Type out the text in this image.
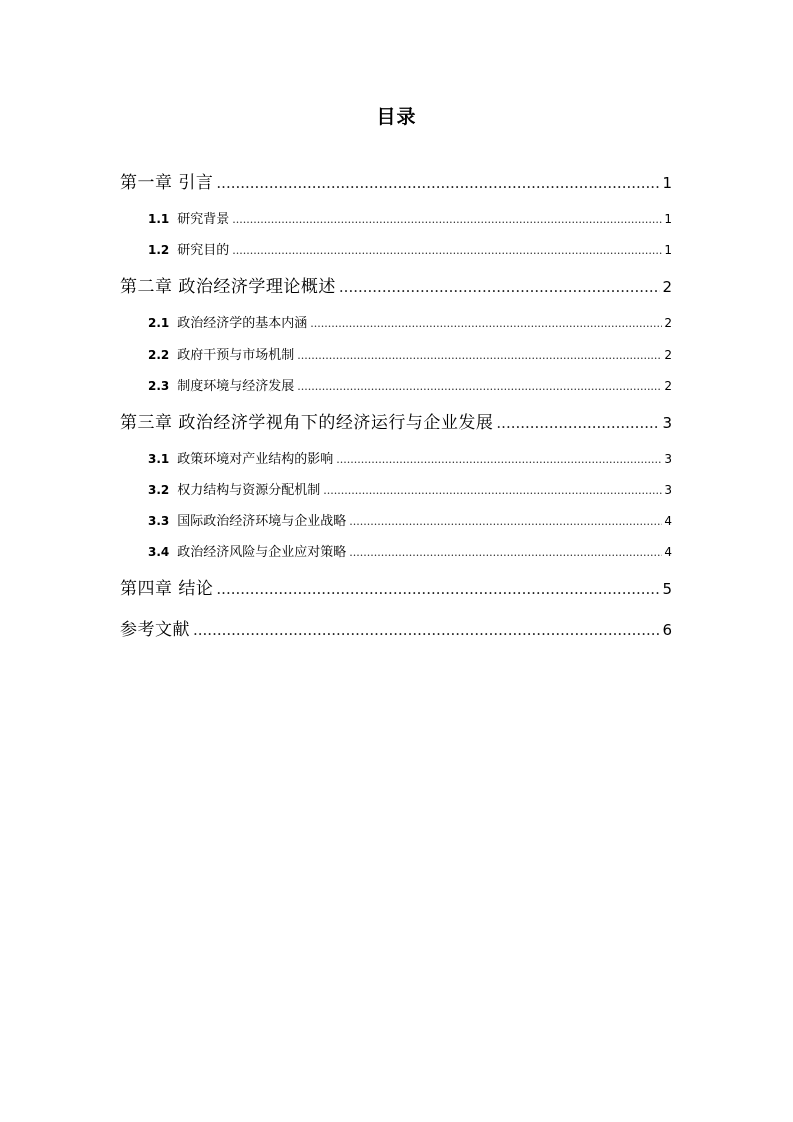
目录
第一章 引言 .....	1
1.1 研究背景 .....	1
1.2 研究目的 .....	1
第二章 政治经济学理论概述 .....	2
2.1 政治经济学的基本内涵 .....	2
2.2 政府干预与市场机制 .....	2
2.3 制度环境与经济发展 .....	2
第三章 政治经济学视角下的经济运行与企业发展 .....	3
3.1 政策环境对产业结构的影响 .....	3
3.2 权力结构与资源分配机制 .....	3
3.3 国际政治经济环境与企业战略 .....	4
3.4 政治经济风险与企业应对策略 .....	4
第四章 结论 .....	5
参考文献 .....	6
